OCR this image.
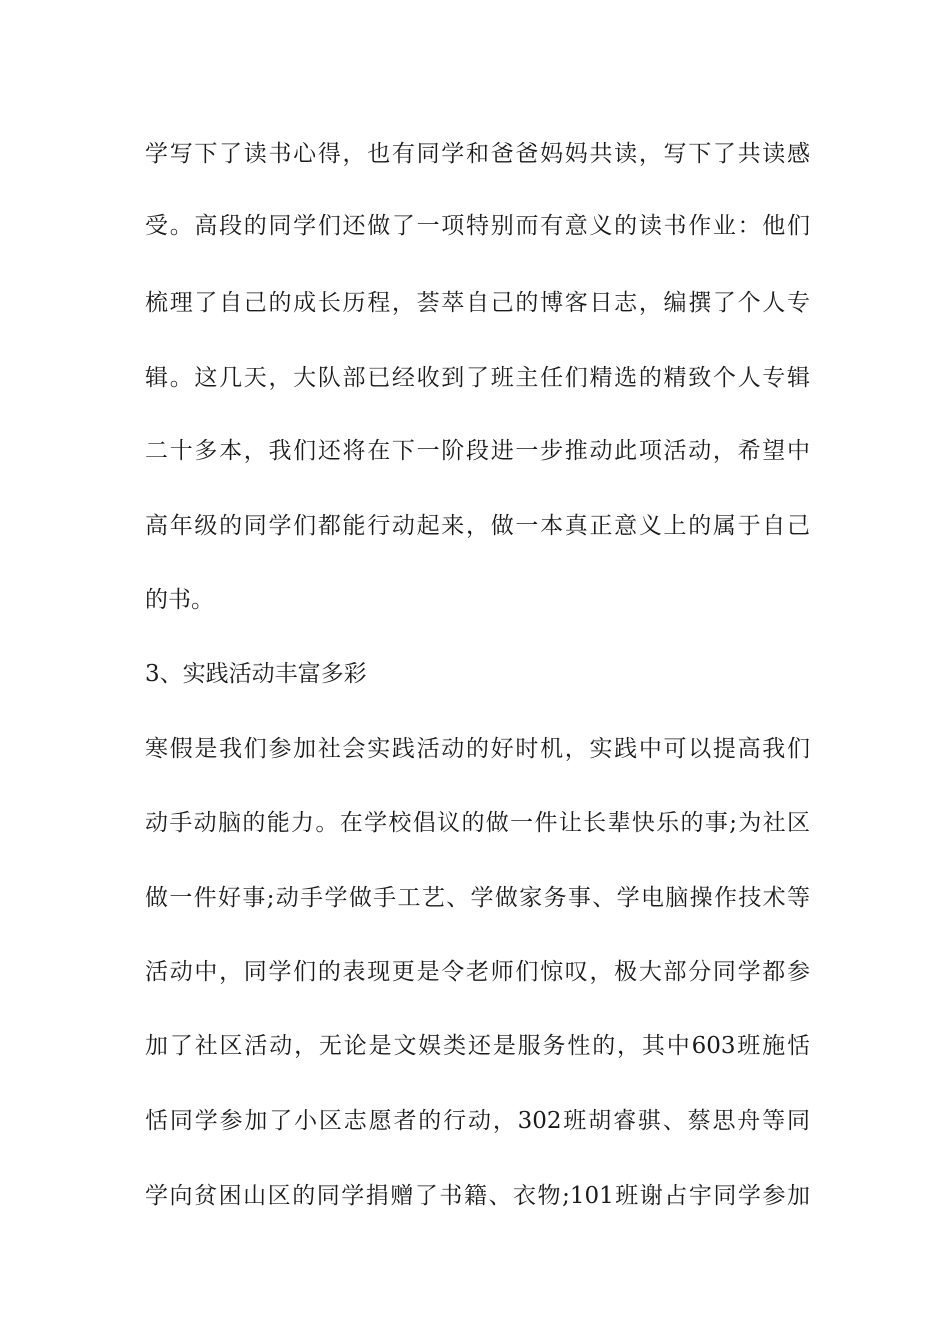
学写下了读书心得，也有同学和爸爸妈妈共读，写下了共读感
受。高段的同学们还做了一项特别而有意义的读书作业：他们
梳理了自己的成长历程，荟萃自己的博客日志，编撰了个人专
辑。这几天，大队部已经收到了班主任们精选的精致个人专辑
二十多本，我们还将在下一阶段进一步推动此项活动，希望中
高年级的同学们都能行动起来，做一本真正意义上的属于自己
的书。
3、实践活动丰富多彩
寒假是我们参加社会实践活动的好时机，实践中可以提高我们
动手动脑的能力。在学校倡议的做一件让长辈快乐的事;为社区
做一件好事;动手学做手工艺、学做家务事、学电脑操作技术等
活动中，同学们的表现更是令老师们惊叹，极大部分同学都参
加了社区活动，无论是文娱类还是服务性的，其中603班施恬
恬同学参加了小区志愿者的行动，302班胡睿骐、蔡思舟等同
学向贫困山区的同学捐赠了书籍、衣物;101班谢占宇同学参加
